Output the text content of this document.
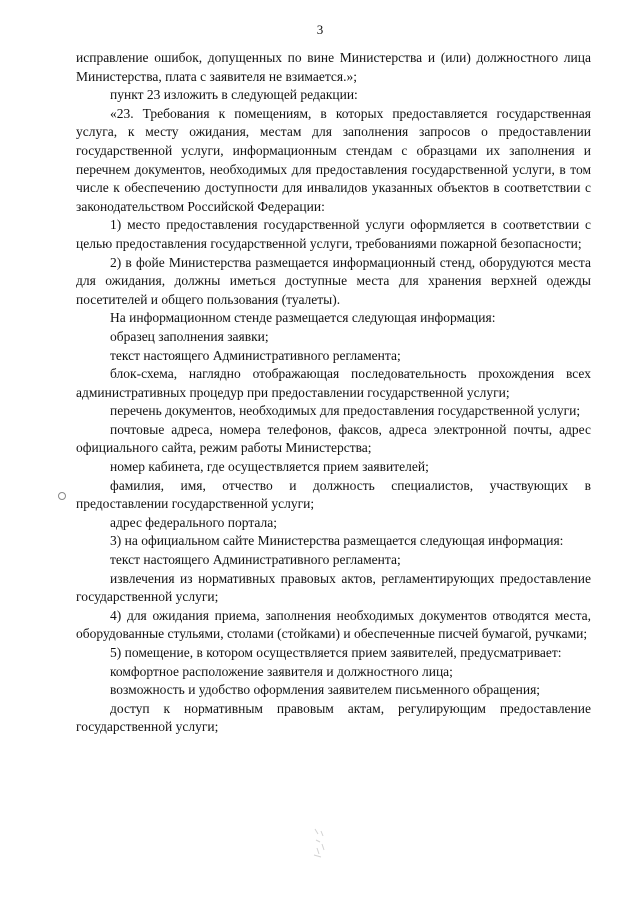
3

исправление ошибок, допущенных по вине Министерства и (или) должностного лица Министерства, плата с заявителя не взимается.»;

пункт 23 изложить в следующей редакции:

«23. Требования к помещениям, в которых предоставляется государственная услуга, к месту ожидания, местам для заполнения запросов о предоставлении государственной услуги, информационным стендам с образцами их заполнения и перечнем документов, необходимых для предоставления государственной услуги, в том числе к обеспечению доступности для инвалидов указанных объектов в соответствии с законодательством Российской Федерации:

1) место предоставления государственной услуги оформляется в соответствии с целью предоставления государственной услуги, требованиями пожарной безопасности;

2) в фойе Министерства размещается информационный стенд, оборудуются места для ожидания, должны иметься доступные места для хранения верхней одежды посетителей и общего пользования (туалеты).

На информационном стенде размещается следующая информация:

образец заполнения заявки;

текст настоящего Административного регламента;

блок-схема, наглядно отображающая последовательность прохождения всех административных процедур при предоставлении государственной услуги;

перечень документов, необходимых для предоставления государственной услуги;

почтовые адреса, номера телефонов, факсов, адреса электронной почты, адрес официального сайта, режим работы Министерства;

номер кабинета, где осуществляется прием заявителей;

фамилия, имя, отчество и должность специалистов, участвующих в предоставлении государственной услуги;

адрес федерального портала;

3) на официальном сайте Министерства размещается следующая информация:

текст настоящего Административного регламента;

извлечения из нормативных правовых актов, регламентирующих предоставление государственной услуги;

4) для ожидания приема, заполнения необходимых документов отводятся места, оборудованные стульями, столами (стойками) и обеспеченные писчей бумагой, ручками;

5) помещение, в котором осуществляется прием заявителей, предусматривает:

комфортное расположение заявителя и должностного лица;

возможность и удобство оформления заявителем письменного обращения;

доступ к нормативным правовым актам, регулирующим предоставление государственной услуги;
